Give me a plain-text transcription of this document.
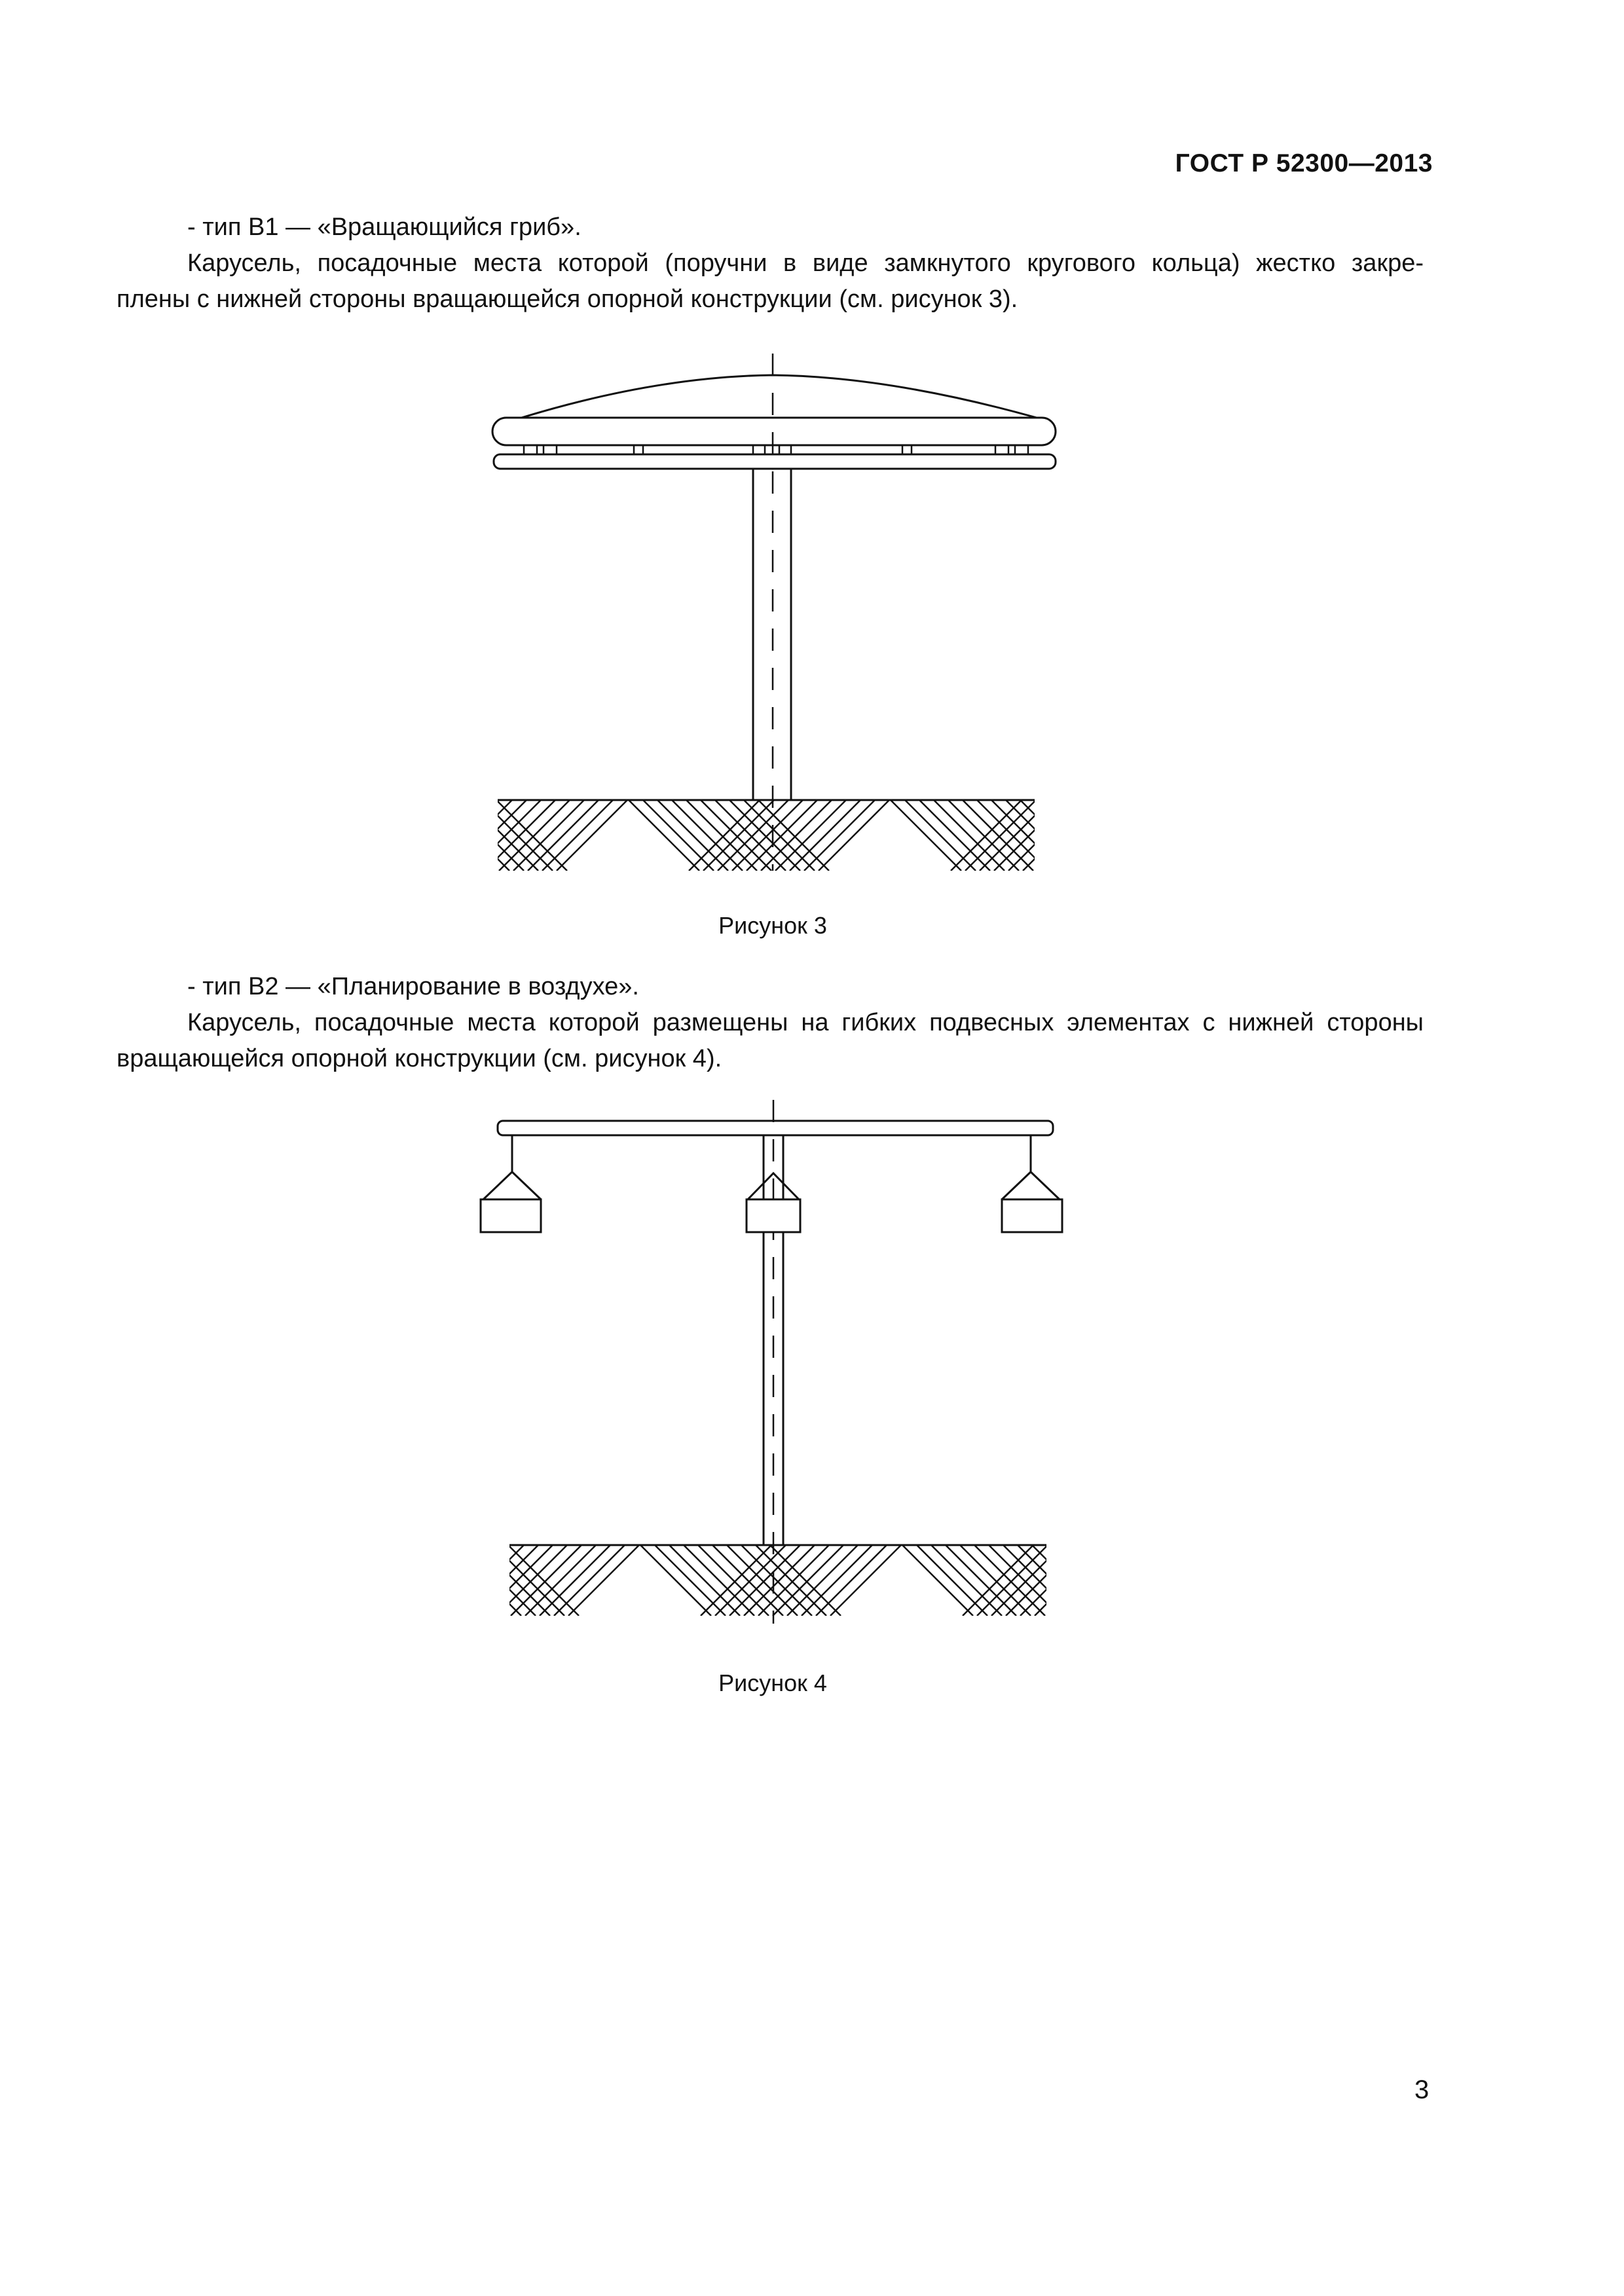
ГОСТ Р 52300—2013
- тип В1 — «Вращающийся гриб».
Карусель, посадочные места которой (поручни в виде замкнутого кругового кольца) жестко закре-
плены с нижней стороны вращающейся опорной конструкции (см. рисунок 3).
Рисунок 3
- тип В2 — «Планирование в воздухе».
Карусель, посадочные места которой размещены на гибких подвесных элементах с нижней стороны
вращающейся опорной конструкции (см. рисунок 4).
Рисунок 4
3
